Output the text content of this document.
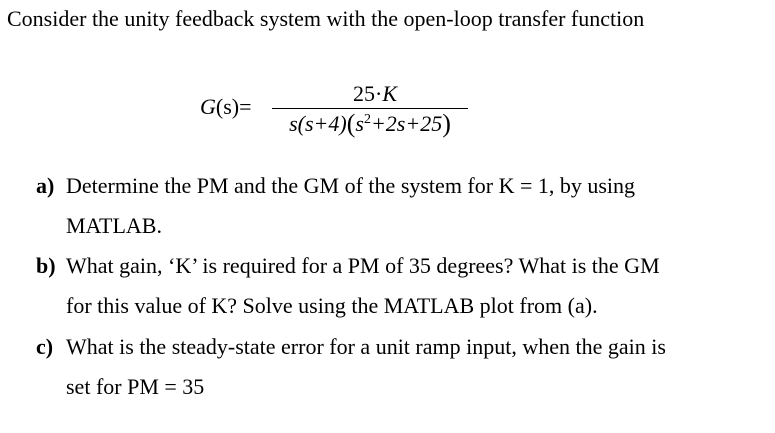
Consider the unity feedback system with the open-loop transfer function
G(s)=
25·K
$s(s+4)(s^2+2s+25)$
a) Determine the PM and the GM of the system for K = 1, by using
MATLAB.
b) What gain, ‘K’ is required for a PM of 35 degrees? What is the GM
for this value of K? Solve using the MATLAB plot from (a).
c) What is the steady-state error for a unit ramp input, when the gain is
set for PM = 35
